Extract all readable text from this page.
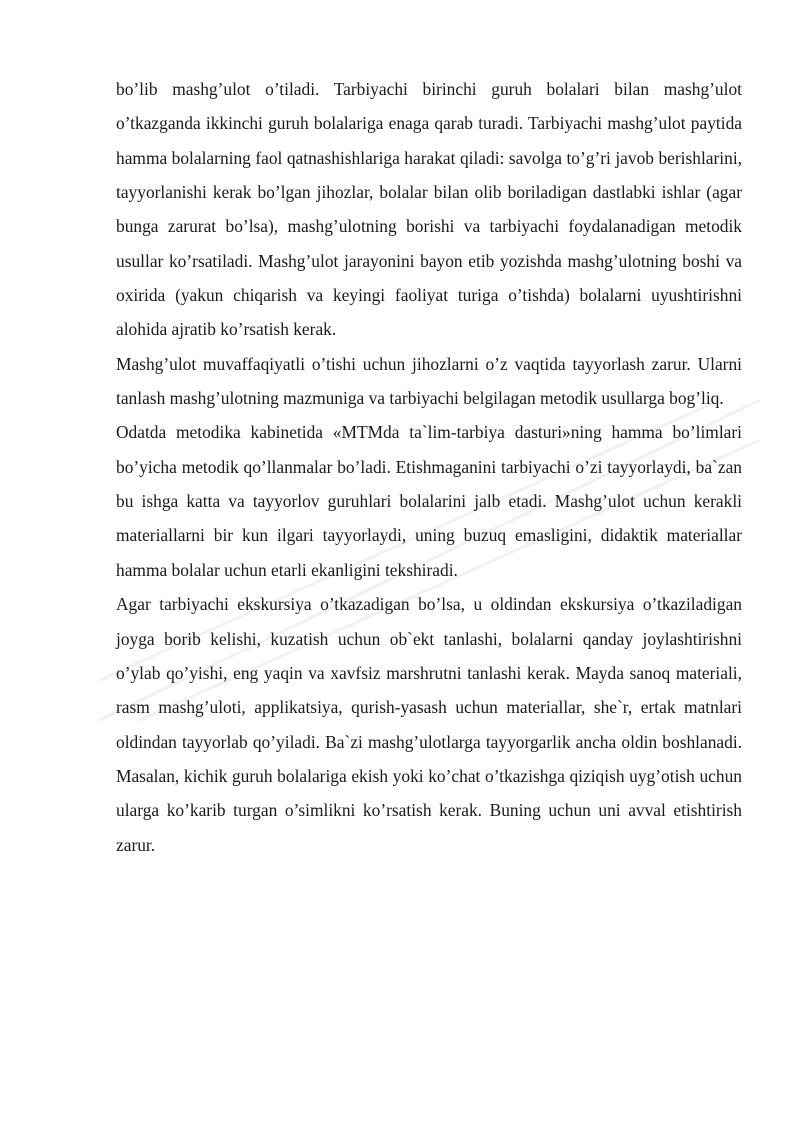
bo’lib mashg’ulot o’tiladi. Tarbiyachi birinchi guruh bolalari bilan mashg’ulot o’tkazganda ikkinchi guruh bolalariga enaga qarab turadi. Tarbiyachi mashg’ulot paytida hamma bolalarning faol qatnashishlariga harakat qiladi: savolga to’g’ri javob berishlarini, tayyorlanishi kerak bo’lgan jihozlar, bolalar bilan olib boriladigan dastlabki ishlar (agar bunga zarurat bo’lsa), mashg’ulotning borishi va tarbiyachi foydalanadigan metodik usullar ko’rsatiladi. Mashg’ulot jarayonini bayon etib yozishda mashg’ulotning boshi va oxirida (yakun chiqarish va keyingi faoliyat turiga o’tishda) bolalarni uyushtirishni alohida ajratib ko’rsatish kerak.

Mashg’ulot muvaffaqiyatli o’tishi uchun jihozlarni o’z vaqtida tayyorlash zarur. Ularni tanlash mashg’ulotning mazmuniga va tarbiyachi belgilagan metodik usullarga bog’liq.

Odatda metodika kabinetida «MTMda ta`lim-tarbiya dasturi»ning hamma bo’limlari bo’yicha metodik qo’llanmalar bo’ladi. Etishmaganini tarbiyachi o’zi tayyorlaydi, ba`zan bu ishga katta va tayyorlov guruhlari bolalarini jalb etadi. Mashg’ulot uchun kerakli materiallarni bir kun ilgari tayyorlaydi, uning buzuq emasligini, didaktik materiallar hamma bolalar uchun etarli ekanligini tekshiradi.

Agar tarbiyachi ekskursiya o’tkazadigan bo’lsa, u oldindan ekskursiya o’tkaziladigan joyga borib kelishi, kuzatish uchun ob`ekt tanlashi, bolalarni qanday joylashtirishni o’ylab qo’yishi, eng yaqin va xavfsiz marshrutni tanlashi kerak. Mayda sanoq materiali, rasm mashg’uloti, applikatsiya, qurish-yasash uchun materiallar, she`r, ertak matnlari oldindan tayyorlab qo’yiladi. Ba`zi mashg’ulotlarga tayyorgarlik ancha oldin boshlanadi. Masalan, kichik guruh bolalariga ekish yoki ko’chat o’tkazishga qiziqish uyg’otish uchun ularga ko’karib turgan o’simlikni ko’rsatish kerak. Buning uchun uni avval etishtirish zarur.
